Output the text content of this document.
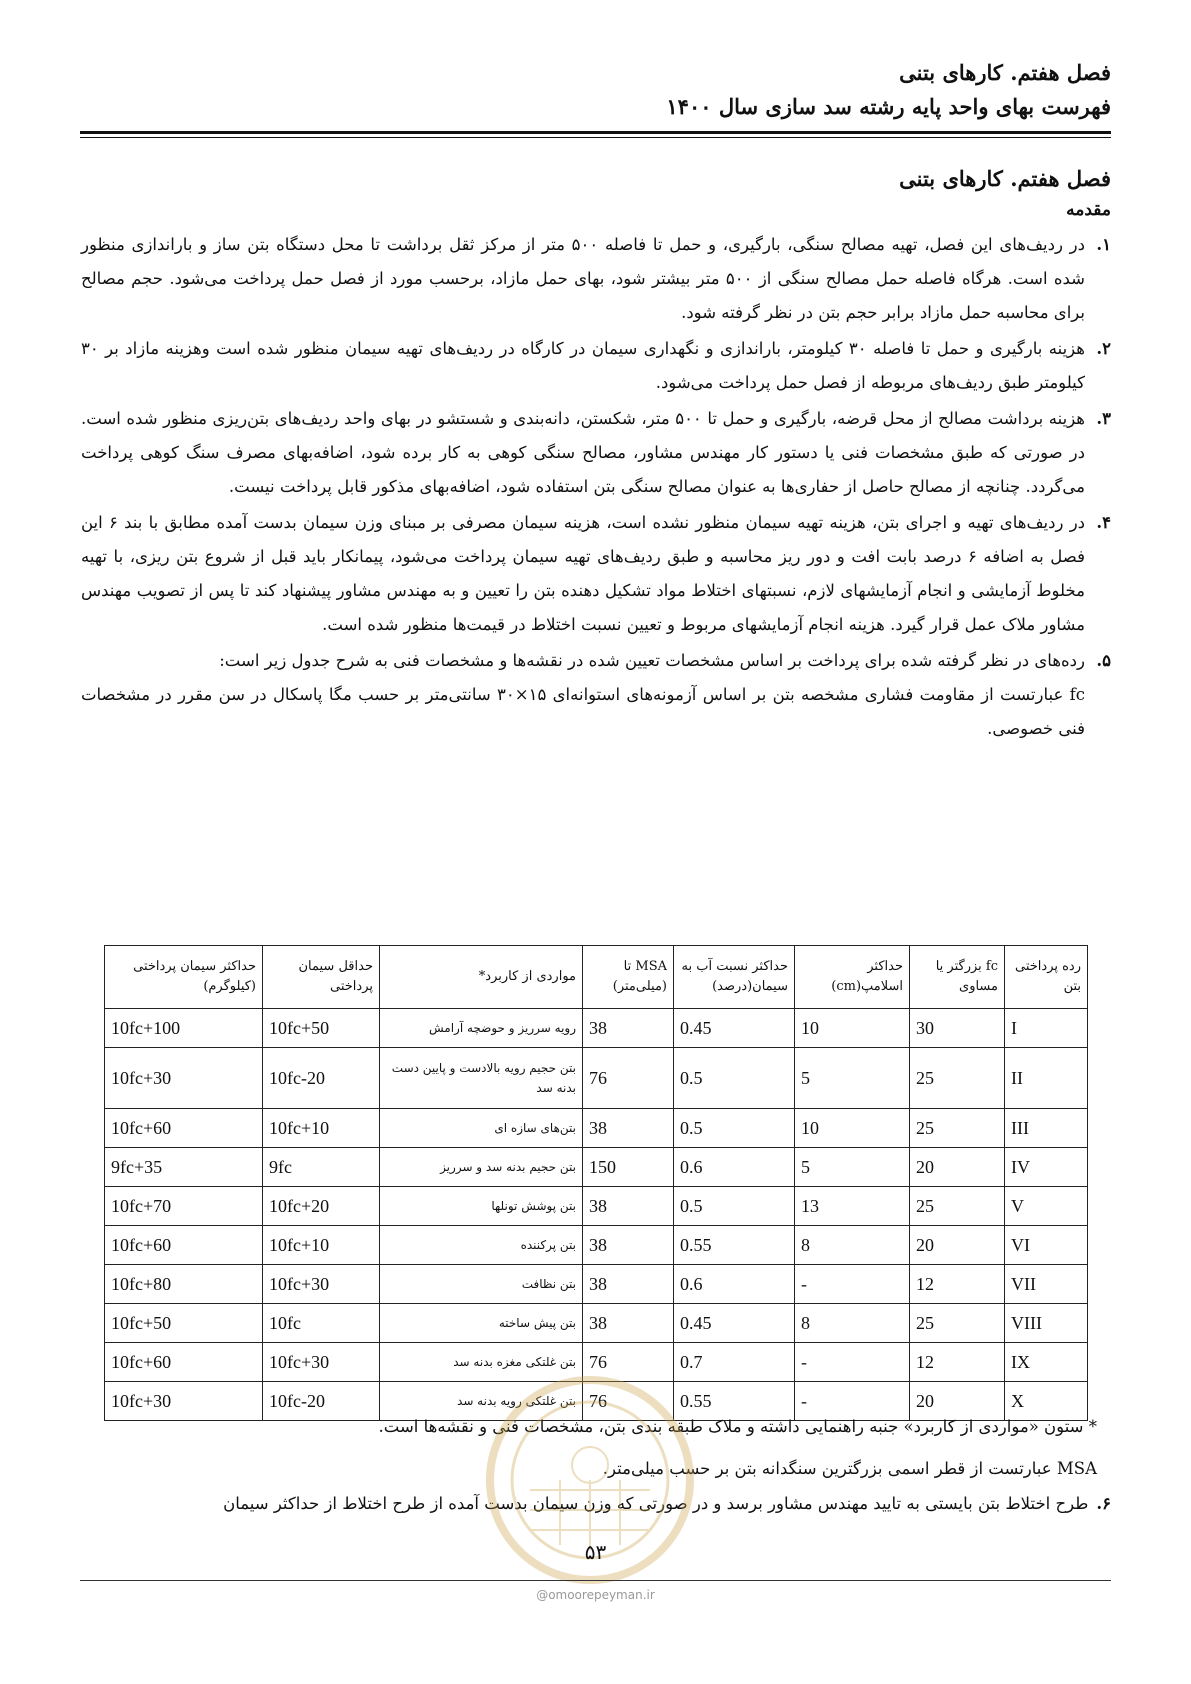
فصل هفتم. کارهای بتنی
فهرست بهای واحد پایه رشته سد سازی سال ۱۴۰۰
فصل هفتم. کارهای بتنی
مقدمه
۱.

در ردیف‌های این فصل، تهیه مصالح سنگی، بارگیری، و حمل تا فاصله ۵۰۰ متر از مرکز ثقل برداشت تا محل دستگاه بتن ساز و باراندازی منظور شده است. هرگاه فاصله حمل مصالح سنگی از ۵۰۰ متر بیشتر شود، بهای حمل مازاد، برحسب مورد از فصل حمل پرداخت می‌شود. حجم مصالح برای محاسبه حمل مازاد برابر حجم بتن در نظر گرفته شود.

۲.

هزینه بارگیری و حمل تا فاصله ۳۰ کیلومتر، باراندازی و نگهداری سیمان در کارگاه در ردیف‌های تهیه سیمان منظور شده است وهزینه مازاد بر ۳۰ کیلومتر طبق ردیف‌های مربوطه از فصل حمل پرداخت می‌شود.

۳.

هزینه برداشت مصالح از محل قرضه، بارگیری و حمل تا ۵۰۰ متر، شکستن، دانه‌بندی و شستشو در بهای واحد ردیف‌های بتن‌ریزی منظور شده است. در صورتی که طبق مشخصات فنی یا دستور کار مهندس مشاور، مصالح سنگی کوهی به کار برده شود، اضافه‌بهای مصرف سنگ کوهی پرداخت می‌گردد. چنانچه از مصالح حاصل از حفاری‌ها به عنوان مصالح سنگی بتن استفاده شود، اضافه‌بهای مذکور قابل پرداخت نیست.

۴.

در ردیف‌های تهیه و اجرای بتن، هزینه تهیه سیمان منظور نشده است، هزینه سیمان مصرفی بر مبنای وزن سیمان بدست آمده مطابق با بند ۶ این فصل به اضافه ۶ درصد بابت افت و دور ریز محاسبه و طبق ردیف‌های تهیه سیمان پرداخت می‌شود، پیمانکار باید قبل از شروع بتن ریزی، با تهیه مخلوط آزمایشی و انجام آزمایشهای لازم، نسبتهای اختلاط مواد تشکیل دهنده بتن را تعیین و به مهندس مشاور پیشنهاد کند تا پس از تصویب مهندس مشاور ملاک عمل قرار گیرد. هزینه انجام آزمایشهای مربوط و تعیین نسبت اختلاط در قیمت‌ها منظور شده است.

۵.

رده‌های در نظر گرفته شده برای پرداخت بر اساس مشخصات تعیین شده در نقشه‌ها و مشخصات فنی به شرح جدول زیر است:

fc عبارتست از مقاومت فشاری مشخصه بتن بر اساس آزمونه‌های استوانه‌ای ۱۵×۳۰ سانتی‌متر بر حسب مگا پاسکال در سن مقرر در مشخصات فنی خصوصی.

رده پرداختی بتن	fc بزرگتر یا مساوی	حداکثر اسلامپ(cm)	حداکثر نسبت آب به سیمان(درصد)	MSA تا (میلی‌متر)	مواردی از کاربرد*	حداقل سیمان پرداختی	حداکثر سیمان پرداختی (کیلوگرم)
I	30	10	0.45	38	رویه سرریز و حوضچه آرامش	10fc+50	10fc+100
II	25	5	0.5	76	بتن حجیم رویه بالادست و پایین دست بدنه سد	10fc-20	10fc+30
III	25	10	0.5	38	بتن‌های سازه ای	10fc+10	10fc+60
IV	20	5	0.6	150	بتن حجیم بدنه سد و سرریز	9fc	9fc+35
V	25	13	0.5	38	بتن پوشش تونلها	10fc+20	10fc+70
VI	20	8	0.55	38	بتن پرکننده	10fc+10	10fc+60
VII	12	-	0.6	38	بتن نظافت	10fc+30	10fc+80
VIII	25	8	0.45	38	بتن پیش ساخته	10fc	10fc+50
IX	12	-	0.7	76	بتن غلتکی مغزه بدنه سد	10fc+30	10fc+60
X	20	-	0.55	76	بتن غلتکی رویه بدنه سد	10fc-20	10fc+30

* ستون «مواردی از کاربرد» جنبه راهنمایی داشته و ملاک طبقه بندی بتن، مشخصات فنی و نقشه‌ها است.

MSA عبارتست از قطر اسمی بزرگترین سنگدانه بتن بر حسب میلی‌متر.

۶.طرح اختلاط بتن بایستی به تایید مهندس مشاور برسد و در صورتی که وزن سیمان بدست آمده از طرح اختلاط از حداکثر سیمان
۵۳
@omoorepeyman.ir
